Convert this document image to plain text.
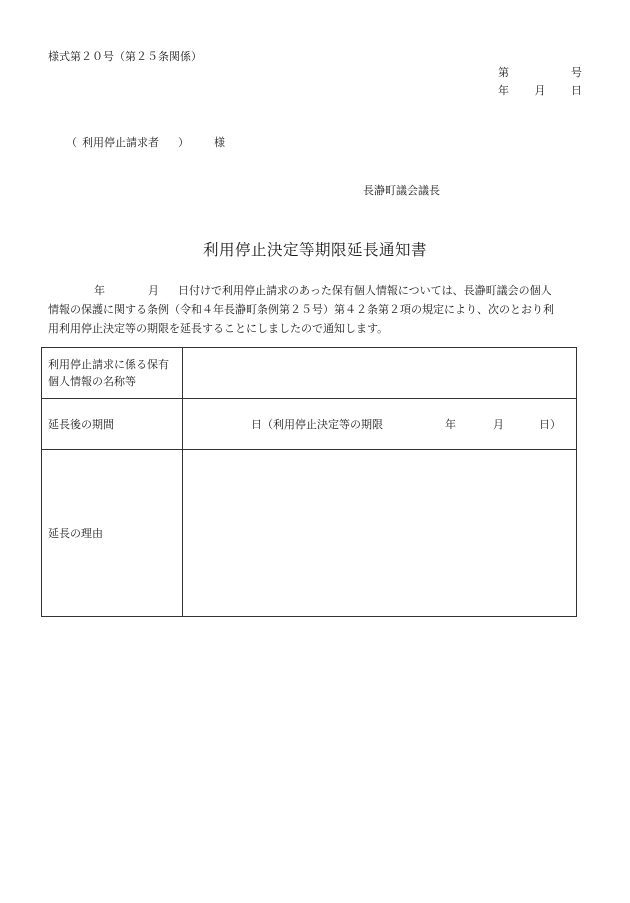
様式第２０号（第２５条関係）
第	号
年 月 日
（ 利用停止請求者	）	様
長瀞町議会議長
利用停止決定等期限延長通知書
年	月	日付けで利用停止請求のあった保有個人情報については、長瀞町議会の個人
情報の保護に関する条例（令和４年長瀞町条例第２５号）第４２条第２項の規定により、次のとおり利
用利用停止決定等の期限を延長することにしましたので通知します。
利用停止請求に係る保有
個人情報の名称等	

延長後の期間	日（利用停止決定等の期限 年 月 日）

延長の理由	
